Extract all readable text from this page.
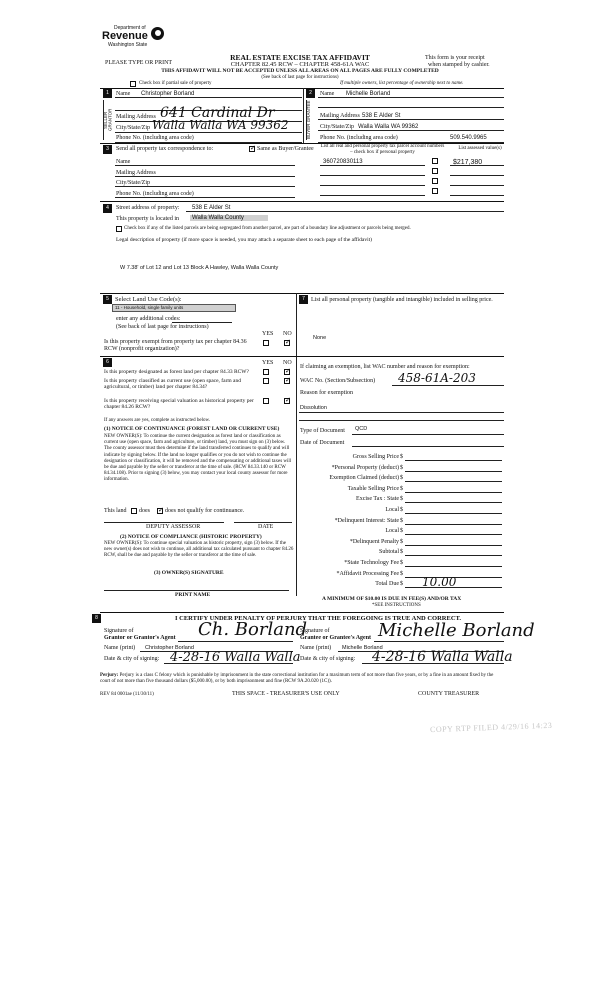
Department of
Revenue
Washington State
PLEASE TYPE OR PRINT
REAL ESTATE EXCISE TAX AFFIDAVIT
CHAPTER 82.45 RCW – CHAPTER 458-61A WAC
THIS AFFIDAVIT WILL NOT BE ACCEPTED UNLESS ALL AREAS ON ALL PAGES ARE FULLY COMPLETED
(See back of last page for instructions)
This form is your receipt
when stamped by cashier.
Check box if partial sale of property	If multiple owners, list percentage of ownership next to name.
1
SELLER GRANTOR
Name Christopher Borland
Mailing Address 641 Cardinal Dr
City/State/Zip Walla Walla WA 99362
Phone No. (including area code)
2
BUYER GRANTEE
Name Michelle Borland
Mailing Address 538 E Alder St
City/State/Zip Walla Walla WA 99362
Phone No. (including area code)	509.540.9965
3	Send all property tax correspondence to: ✓	Same as Buyer/Grantee List all real and personal property tax parcel account numbers – check box if personal property
List assessed value(s)
Name
Mailing Address
City/State/Zip
Phone No. (including area code)
360720830113	$217,380
4	Street address of property: 538 E Alder St
This property is located in	Walla Walla County
Check box if any of the listed parcels are being segregated from another parcel, are part of a boundary line adjustment or parcels being merged.
Legal description of property (if more space is needed, you may attach a separate sheet to each page of the affidavit)
W 7.38' of Lot 12 and Lot 13 Block A Hawley, Walla Walla County
5 Select Land Use Code(s):
11 - Household, single family units
enter any additional codes:
(See back of last page for instructions)
YES NO
Is this property exempt from property tax per chapter 84.36 RCW (nonprofit organization)?
✓
7	List all personal property (tangible and intangible) included in selling price.
None
6	YES NO
Is this property designated as forest land per chapter 84.33 RCW?
✓
Is this property classified as current use (open space, farm and agricultural, or timber) land per chapter 84.34?
✓
Is this property receiving special valuation as historical property per chapter 84.26 RCW?
✓
If any answers are yes, complete as instructed below.
(1) NOTICE OF CONTINUANCE (FOREST LAND OR CURRENT USE)
NEW OWNER(S): To continue the current designation as forest land or classification as current use (open space, farm and agriculture, or timber) land, you must sign on (3) below. The county assessor must then determine if the land transferred continues to qualify and will indicate by signing below. If the land no longer qualifies or you do not wish to continue the designation or classification, it will be removed and the compensating or additional taxes will be due and payable by the seller or transferor at the time of sale. (RCW 84.33.140 or RCW 84.34.108). Prior to signing (3) below, you may contact your local county assessor for more information.
This land does ✓	does not qualify for continuance.
DEPUTY ASSESSOR	DATE
(2) NOTICE OF COMPLIANCE (HISTORIC PROPERTY)
NEW OWNER(S): To continue special valuation as historic property, sign (3) below. If the new owner(s) does not wish to continue, all additional tax calculated pursuant to chapter 84.26 RCW, shall be due and payable by the seller or transferor at the time of sale.
(3) OWNER(S) SIGNATURE
PRINT NAME
If claiming an exemption, list WAC number and reason for exemption:
WAC No. (Section/Subsection) 458-61A-203
Reason for exemption
Dissolution
Type of Document QCD
Date of Document
Gross Selling Price $
*Personal Property (deduct) $
Exemption Claimed (deduct) $
Taxable Selling Price $
Excise Tax : State $
Local $
*Delinquent Interest: State $
Local $
*Delinquent Penalty $
Subtotal $
*State Technology Fee $
*Affidavit Processing Fee $
Total Due $ 10.00
A MINIMUM OF $10.00 IS DUE IN FEE(S) AND/OR TAX
*SEE INSTRUCTIONS
8	I CERTIFY UNDER PENALTY OF PERJURY THAT THE FOREGOING IS TRUE AND CORRECT.
Signature of
Grantor or Grantor's Agent Ch. Borland
Name (print) Christopher Borland
Date & city of signing: 4-28-16 Walla Walla
Signature of
Grantee or Grantee's Agent Michelle Borland
Name (print) Michelle Borland
Date & city of signing: 4-28-16 Walla Walla
Perjury: Perjury is a class C felony which is punishable by imprisonment in the state correctional institution for a maximum term of not more than five years, or by a fine in an amount fixed by the court of not more than five thousand dollars ($5,000.00), or by both imprisonment and fine (RCW 9A.20.020 (1C)).
REV 84 0001ae (11/30/11)	THIS SPACE - TREASURER'S USE ONLY	COUNTY TREASURER
COPY RTP FILED 4/29/16 14:23
